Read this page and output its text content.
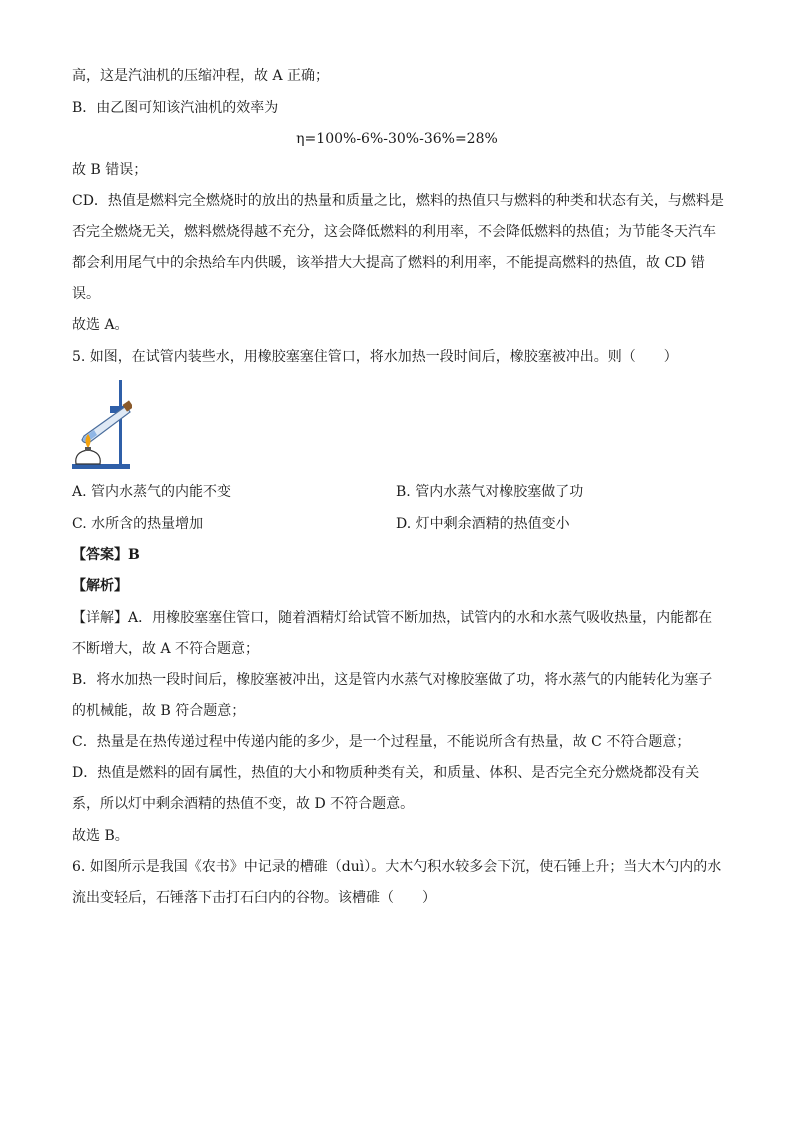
高，这是汽油机的压缩冲程，故 A 正确；
B．由乙图可知该汽油机的效率为
η=100%-6%-30%-36%=28%
故 B 错误；
CD．热值是燃料完全燃烧时的放出的热量和质量之比，燃料的热值只与燃料的种类和状态有关，与燃料是
否完全燃烧无关，燃料燃烧得越不充分，这会降低燃料的利用率，不会降低燃料的热值；为节能冬天汽车
都会利用尾气中的余热给车内供暖，该举措大大提高了燃料的利用率，不能提高燃料的热值，故 CD 错
误。
故选 A。
5. 如图，在试管内装些水，用橡胶塞塞住管口，将水加热一段时间后，橡胶塞被冲出。则（　　）
A. 管内水蒸气的内能不变	B. 管内水蒸气对橡胶塞做了功
C. 水所含的热量增加	D. 灯中剩余酒精的热值变小
【答案】B
【解析】
【详解】A．用橡胶塞塞住管口，随着酒精灯给试管不断加热，试管内的水和水蒸气吸收热量，内能都在
不断增大，故 A 不符合题意；
B．将水加热一段时间后，橡胶塞被冲出，这是管内水蒸气对橡胶塞做了功，将水蒸气的内能转化为塞子
的机械能，故 B 符合题意；
C．热量是在热传递过程中传递内能的多少，是一个过程量，不能说所含有热量，故 C 不符合题意；
D．热值是燃料的固有属性，热值的大小和物质种类有关，和质量、体积、是否完全充分燃烧都没有关
系，所以灯中剩余酒精的热值不变，故 D 不符合题意。
故选 B。
6. 如图所示是我国《农书》中记录的槽碓（duì）。大木勺积水较多会下沉，使石锤上升；当大木勺内的水
流出变轻后，石锤落下击打石臼内的谷物。该槽碓（　　）
